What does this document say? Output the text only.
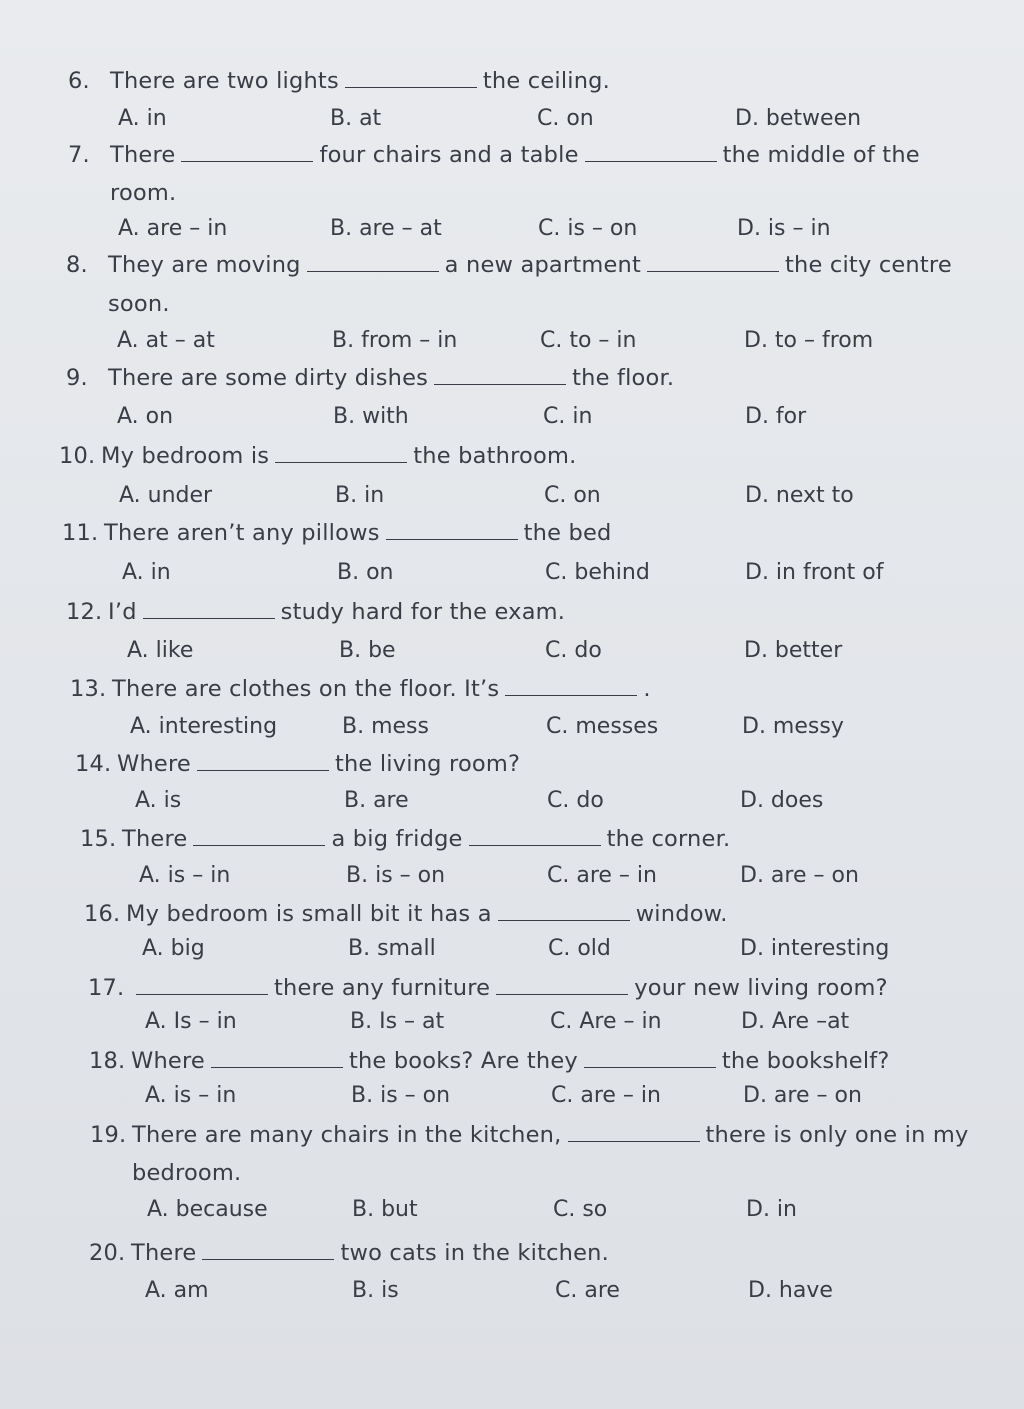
6. There are two lights	the ceiling.
A. in	B. at	C. on	D. between
7. There	four chairs and a table	the middle of the
room.
A. are – in	B. are – at	C. is – on	D. is – in
8. They are moving	a new apartment	the city centre
soon.
A. at – at	B. from – in	C. to – in	D. to – from
9. There are some dirty dishes	the floor.
A. on	B. with	C. in	D. for
10. My bedroom is	the bathroom.
A. under	B. in	C. on	D. next to
11. There aren’t any pillows	the bed
A. in	B. on	C. behind	D. in front of
12. I’d	study hard for the exam.
A. like	B. be	C. do	D. better
13. There are clothes on the floor. It’s	.
A. interesting	B. mess	C. messes	D. messy
14. Where	the living room?
A. is	B. are	C. do	D. does
15. There	a big fridge	the corner.
A. is – in	B. is – on	C. are – in	D. are – on
16. My bedroom is small bit it has a	window.
A. big	B. small	C. old	D. interesting
17.	there any furniture	your new living room?
A. Is – in	B. Is – at	C. Are – in	D. Are –at
18. Where	the books? Are they	the bookshelf?
A. is – in	B. is – on	C. are – in	D. are – on
19. There are many chairs in the kitchen,	there is only one in my
bedroom.
A. because	B. but	C. so	D. in
20. There	two cats in the kitchen.
A. am	B. is	C. are	D. have
